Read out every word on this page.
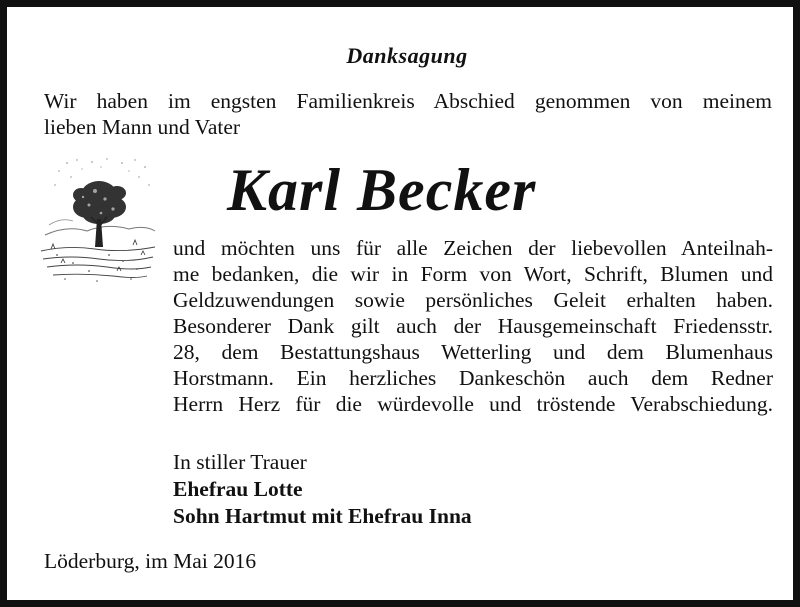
Danksagung
Wir haben im engsten Familienkreis Abschied genommen von meinem
lieben Mann und Vater
Karl Becker
und möchten uns für alle Zeichen der liebevollen Anteilnah-
me bedanken, die wir in Form von Wort, Schrift, Blumen und
Geldzuwendungen sowie persönliches Geleit erhalten haben.
Besonderer Dank gilt auch der Hausgemeinschaft Friedensstr.
28, dem Bestattungshaus Wetterling und dem Blumenhaus
Horstmann. Ein herzliches Dankeschön auch dem Redner
Herrn Herz für die würdevolle und tröstende Verabschiedung.
In stiller Trauer
Ehefrau Lotte
Sohn Hartmut mit Ehefrau Inna
Löderburg, im Mai 2016
